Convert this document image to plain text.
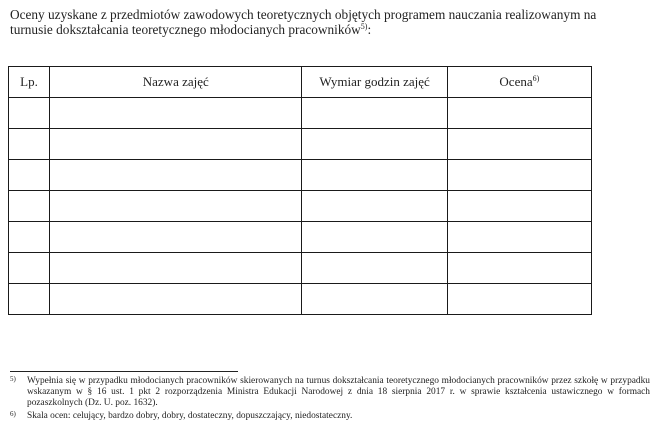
Oceny uzyskane z przedmiotów zawodowych teoretycznych objętych programem nauczania realizowanym na
turnusie dokształcania teoretycznego młodocianych pracowników$^{5)}$:
Lp.	Nazwa zajęć	Wymiar godzin zajęć	Ocena$^{6)}$

5)	Wypełnia się w przypadku młodocianych pracowników skierowanych na turnus dokształcania teoretycznego młodocianych pracowników przez szkołę w przypadku wskazanym w § 16 ust. 1 pkt 2 rozporządzenia Ministra Edukacji Narodowej z dnia 18 sierpnia 2017 r. w sprawie kształcenia ustawicznego w formach pozaszkolnych (Dz. U. poz. 1632).
6)	Skala ocen: celujący, bardzo dobry, dobry, dostateczny, dopuszczający, niedostateczny.
